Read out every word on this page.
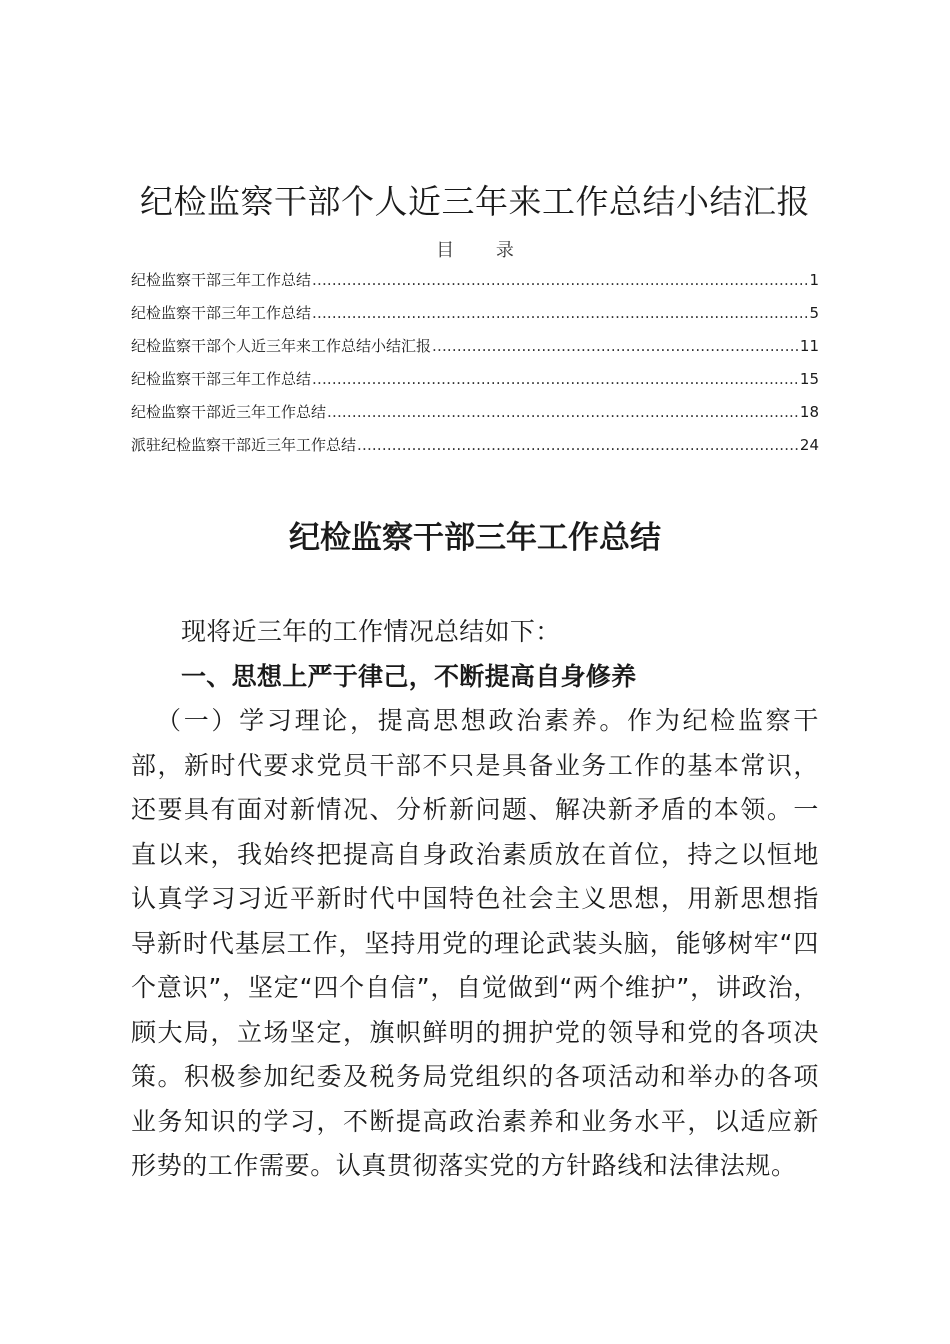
纪检监察干部个人近三年来工作总结小结汇报
目 录
纪检监察干部三年工作总结 .....	1
纪检监察干部三年工作总结 .....	5
纪检监察干部个人近三年来工作总结小结汇报 .....	11
纪检监察干部三年工作总结 .....	15
纪检监察干部近三年工作总结 .....	18
派驻纪检监察干部近三年工作总结 .....	24
纪检监察干部三年工作总结

现将近三年的工作情况总结如下：

一、思想上严于律己，不断提高自身修养

（一）学习理论，提高思想政治素养。作为纪检监察干部，新时代要求党员干部不只是具备业务工作的基本常识，还要具有面对新情况、分析新问题、解决新矛盾的本领。一直以来，我始终把提高自身政治素质放在首位，持之以恒地认真学习习近平新时代中国特色社会主义思想，用新思想指导新时代基层工作，坚持用党的理论武装头脑，能够树牢“四个意识”，坚定“四个自信”，自觉做到“两个维护”，讲政治，顾大局，立场坚定，旗帜鲜明的拥护党的领导和党的各项决策。积极参加纪委及税务局党组织的各项活动和举办的各项业务知识的学习，不断提高政治素养和业务水平，以适应新形势的工作需要。认真贯彻落实党的方针路线和法律法规。
